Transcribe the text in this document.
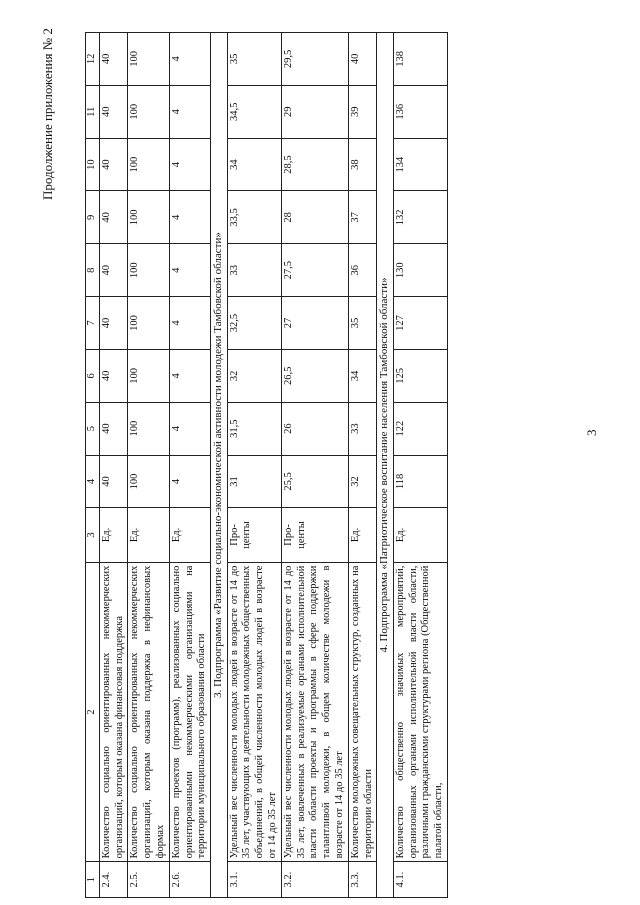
3
Продолжение приложения № 2
1	2	3	4	5	6	7	8	9	10	11	12
2.4.	Количество социально ориентированных некоммерческих организаций, которым оказана финансовая поддержка	Ед.	40	40	40	40	40	40	40	40	40
2.5.	Количество социально ориентированных некоммерческих организаций, которым оказана поддержка в нефинансовых формах	Ед.	100	100	100	100	100	100	100	100	100
2.6.	Количество проектов (программ), реализованных социально ориентированными некоммерческими организациями на территории муниципального образования области	Ед.	4	4	4	4	4	4	4	4	4
3. Подпрограмма «Развитие социально-экономической активности молодежи Тамбовской области»											
3.1.	Удельный вес численности молодых людей в возрасте от 14 до 35 лет, участвующих в деятельности молодежных общественных объединений, в общей численности молодых людей в возрасте от 14 до 35 лет	Про-центы	31	31,5	32	32,5	33	33,5	34	34,5	35
3.2.	Удельный вес численности молодых людей в возрасте от 14 до 35 лет, вовлеченных в реализуемые органами исполнительной власти области проекты и программы в сфере поддержки талантливой молодежи, в общем количестве молодежи в возрасте от 14 до 35 лет	Про-центы	25,5	26	26,5	27	27,5	28	28,5	29	29,5
3.3.	Количество молодежных совещательных структур, созданных на территории области	Ед.	32	33	34	35	36	37	38	39	40
4. Подпрограмма «Патриотическое воспитание населения Тамбовской области»											
4.1.	Количество общественно значимых мероприятий, организованных органами исполнительной власти области, различными гражданскими структурами региона (Общественной палатой области,	Ед.	118	122	125	127	130	132	134	136	138
